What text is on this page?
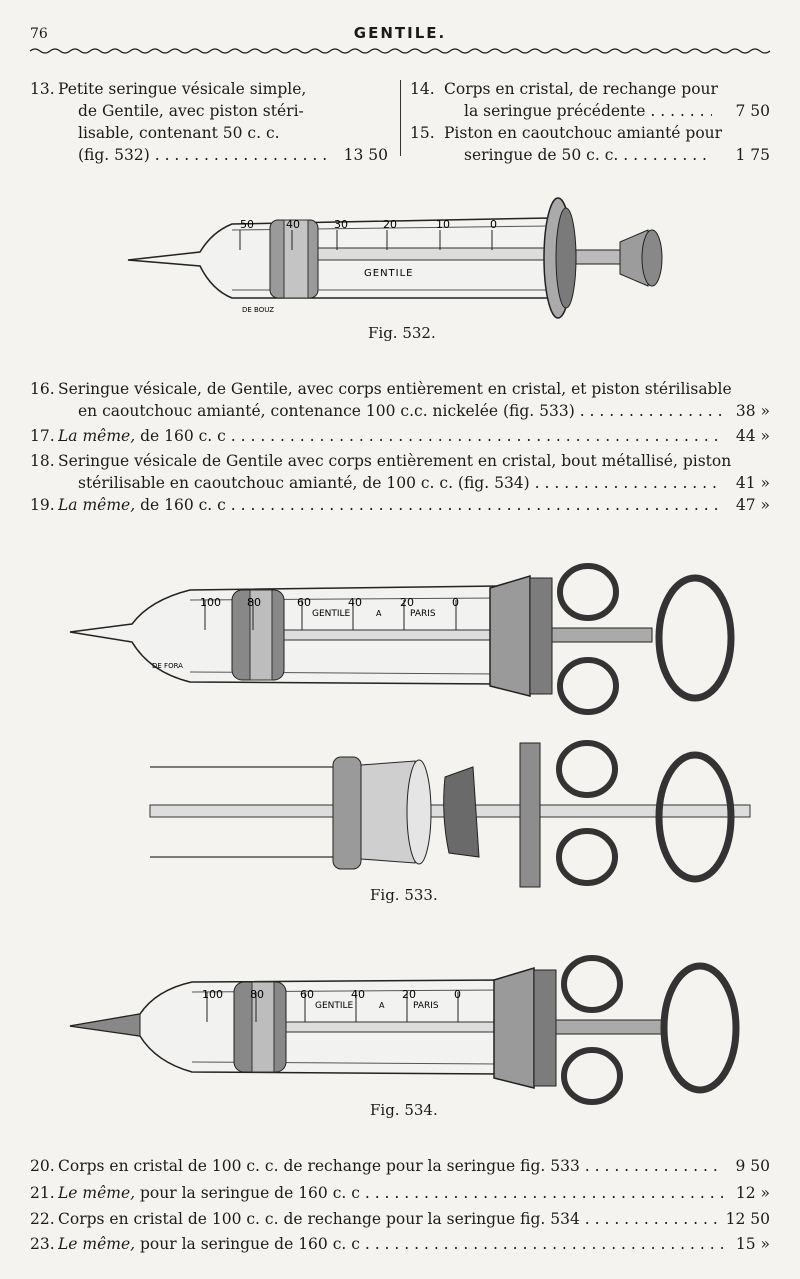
76	GENTILE.
13. Petite seringue vésicale simple,
de Gentile, avec piston stéri-
lisable, contenant 50 c. c.
(fig. 532) . . .	13 50
14. Corps en cristal, de rechange pour
la seringue précédente . . .	7 50
15. Piston en caoutchouc amianté pour
seringue de 50 c. c. . . .	1 75
50	40	30	20	10	0
GENTILE
DE BOUZ
Fig. 532.
16. Seringue vésicale, de Gentile, avec corps entièrement en cristal, et piston stérilisable
en caoutchouc amianté, contenance 100 c.c. nickelée (fig. 533) . . .	38 »
17. La même, de 160 c. c . . .	44 »
18. Seringue vésicale de Gentile avec corps entièrement en cristal, bout métallisé, piston
stérilisable en caoutchouc amianté, de 100 c. c. (fig. 534) . . .	41 »
19. La même, de 160 c. c . . .	47 »
100 80	60	40	20	0
GENTILE	A	PARIS
DE FORA
Fig. 533.
100 80	60	40	20	0
GENTILE	A	PARIS
Fig. 534.
20. Corps en cristal de 100 c. c. de rechange pour la seringue fig. 533 . . .	9 50
21. Le même, pour la seringue de 160 c. c . . .	12 »
22. Corps en cristal de 100 c. c. de rechange pour la seringue fig. 534 . . .	12 50
23. Le même, pour la seringue de 160 c. c . . .	15 »
